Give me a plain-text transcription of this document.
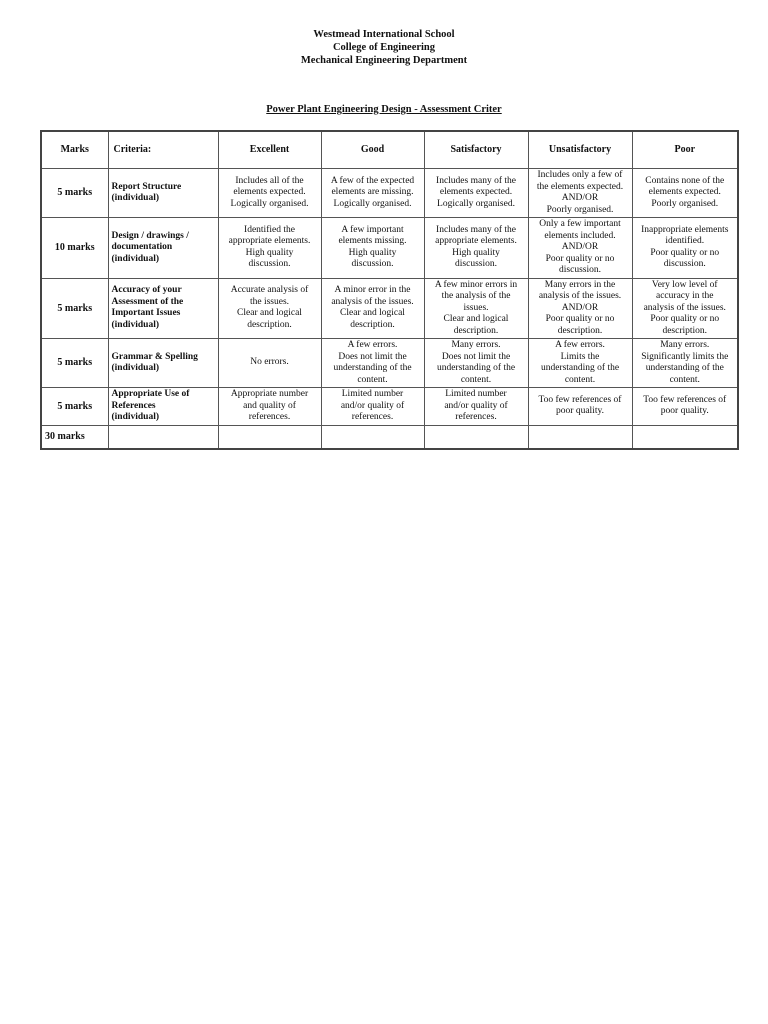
Westmead International School
College of Engineering
Mechanical Engineering Department
Power Plant Engineering Design - Assessment Criter
Marks	Criteria:	Excellent	Good	Satisfactory	Unsatisfactory	Poor
5 marks	Report Structure
(individual)	Includes all of the
elements expected.
Logically organised.	A few of the expected
elements are missing.
Logically organised.	Includes many of the
elements expected.
Logically organised.	Includes only a few of
the elements expected.
AND/OR
Poorly organised.	Contains none of the
elements expected.
Poorly organised.

10 marks	Design / drawings /
documentation
(individual)	Identified the
appropriate elements.
High quality
discussion.	A few important
elements missing.
High quality
discussion.	Includes many of the
appropriate elements.
High quality
discussion.	Only a few important
elements included.
AND/OR
Poor quality or no
discussion.	Inappropriate elements
identified.
Poor quality or no
discussion.

5 marks	Accuracy of your
Assessment of the
Important Issues
(individual)	Accurate analysis of
the issues.
Clear and logical
description.	A minor error in the
analysis of the issues.
Clear and logical
description.	A few minor errors in
the analysis of the
issues.
Clear and logical
description.	Many errors in the
analysis of the issues.
AND/OR
Poor quality or no
description.	Very low level of
accuracy in the
analysis of the issues.
Poor quality or no
description.

5 marks	Grammar & Spelling
(individual)	No errors.	A few errors.
Does not limit the
understanding of the
content.	Many errors.
Does not limit the
understanding of the
content.	A few errors.
Limits the
understanding of the
content.	Many errors.
Significantly limits the
understanding of the
content.

5 marks	Appropriate Use of
References
(individual)	Appropriate number
and quality of
references.	Limited number
and/or quality of
references.	Limited number
and/or quality of
references.	Too few references of
poor quality.	Too few references of
poor quality.

30 marks						
